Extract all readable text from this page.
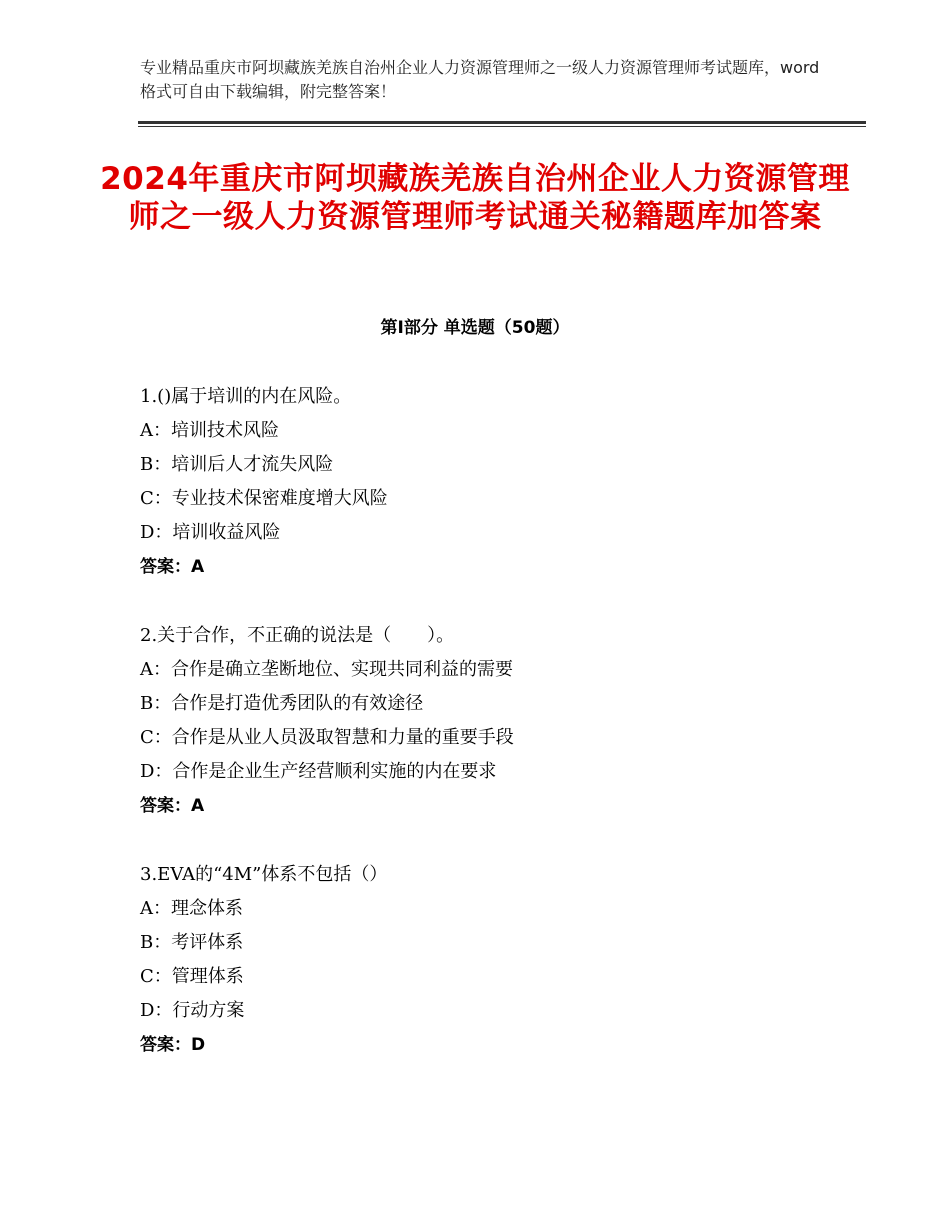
专业精品重庆市阿坝藏族羌族自治州企业人力资源管理师之一级人力资源管理师考试题库，word格式可自由下载编辑，附完整答案！
2024年重庆市阿坝藏族羌族自治州企业人力资源管理师之一级人力资源管理师考试通关秘籍题库加答案
第Ⅰ部分 单选题（50题）
1.()属于培训的内在风险。
A：培训技术风险
B：培训后人才流失风险
C：专业技术保密难度增大风险
D：培训收益风险
答案：A
2.关于合作，不正确的说法是（　　）。
A：合作是确立垄断地位、实现共同利益的需要
B：合作是打造优秀团队的有效途径
C：合作是从业人员汲取智慧和力量的重要手段
D：合作是企业生产经营顺利实施的内在要求
答案：A
3.EVA的“4M”体系不包括（）
A：理念体系
B：考评体系
C：管理体系
D：行动方案
答案：D
